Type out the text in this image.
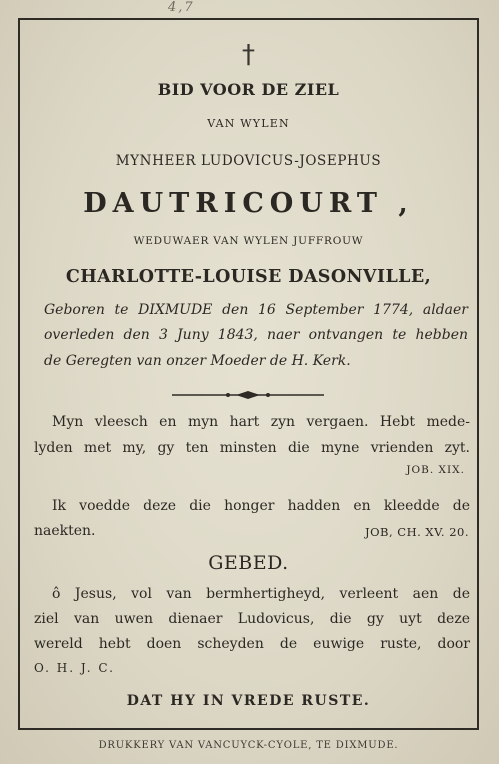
4,7
†
BID VOOR DE ZIEL
VAN WYLEN
MYNHEER LUDOVICUS-JOSEPHUS
DAUTRICOURT ,
WEDUWAER VAN WYLEN JUFFROUW
CHARLOTTE-LOUISE DASONVILLE,
Geboren te DIXMUDE den 16 September 1774, aldaer
overleden den 3 Juny 1843, naer ontvangen te hebben
de Geregten van onzer Moeder de H. Kerk.
Myn vleesch en myn hart zyn vergaen. Hebt mede-
lyden met my, gy ten minsten die myne vrienden zyt.
JOB. XIX.
Ik voedde deze die honger hadden en kleedde de
naekten.	JOB, CH. XV. 20.
GEBED.
ô Jesus, vol van bermhertigheyd, verleent aen de
ziel van uwen dienaer Ludovicus, die gy uyt deze
wereld hebt doen scheyden de euwige ruste, door
O. H. J. C.
DAT HY IN VREDE RUSTE.
DRUKKERY VAN VANCUYCK-CYOLE, TE DIXMUDE.
